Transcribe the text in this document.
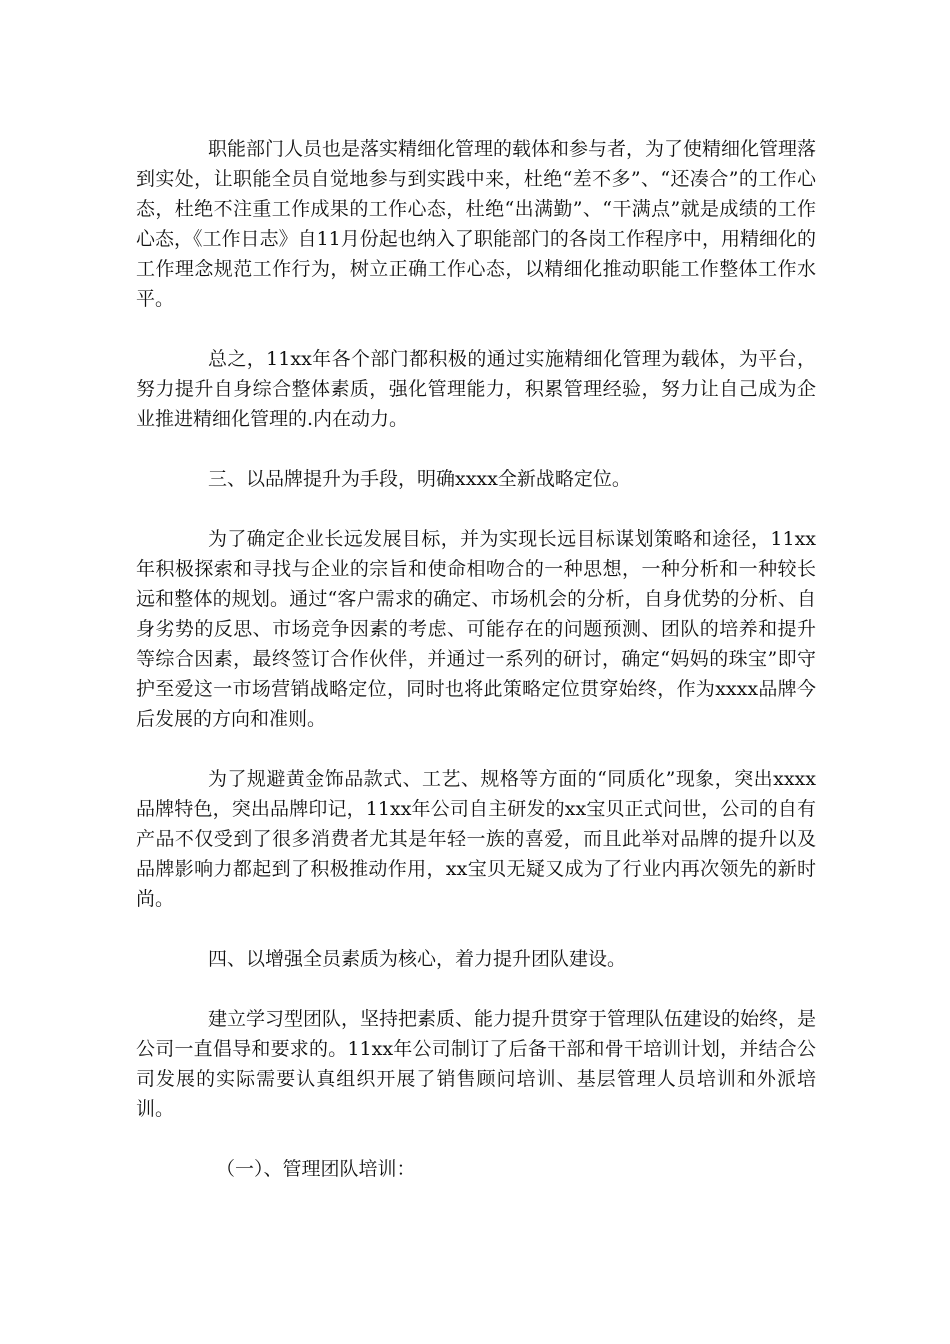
职能部门人员也是落实精细化管理的载体和参与者，为了使精细化管理落到实处，让职能全员自觉地参与到实践中来，杜绝“差不多”、“还凑合”的工作心态，杜绝不注重工作成果的工作心态，杜绝“出满勤”、“干满点”就是成绩的工作心态，《工作日志》自11月份起也纳入了职能部门的各岗工作程序中，用精细化的工作理念规范工作行为，树立正确工作心态，以精细化推动职能工作整体工作水平。

总之，11xx年各个部门都积极的通过实施精细化管理为载体，为平台，努力提升自身综合整体素质，强化管理能力，积累管理经验，努力让自己成为企业推进精细化管理的.内在动力。

三、以品牌提升为手段，明确xxxx全新战略定位。

为了确定企业长远发展目标，并为实现长远目标谋划策略和途径，11xx年积极探索和寻找与企业的宗旨和使命相吻合的一种思想，一种分析和一种较长远和整体的规划。通过“客户需求的确定、市场机会的分析，自身优势的分析、自身劣势的反思、市场竞争因素的考虑、可能存在的问题预测、团队的培养和提升等综合因素，最终签订合作伙伴，并通过一系列的研讨，确定“妈妈的珠宝”即守护至爱这一市场营销战略定位，同时也将此策略定位贯穿始终，作为xxxx品牌今后发展的方向和准则。

为了规避黄金饰品款式、工艺、规格等方面的“同质化”现象，突出xxxx品牌特色，突出品牌印记，11xx年公司自主研发的xx宝贝正式问世，公司的自有产品不仅受到了很多消费者尤其是年轻一族的喜爱，而且此举对品牌的提升以及品牌影响力都起到了积极推动作用，xx宝贝无疑又成为了行业内再次领先的新时尚。

四、以增强全员素质为核心，着力提升团队建设。

建立学习型团队，坚持把素质、能力提升贯穿于管理队伍建设的始终，是公司一直倡导和要求的。11xx年公司制订了后备干部和骨干培训计划，并结合公司发展的实际需要认真组织开展了销售顾问培训、基层管理人员培训和外派培训。

（一）、管理团队培训：
